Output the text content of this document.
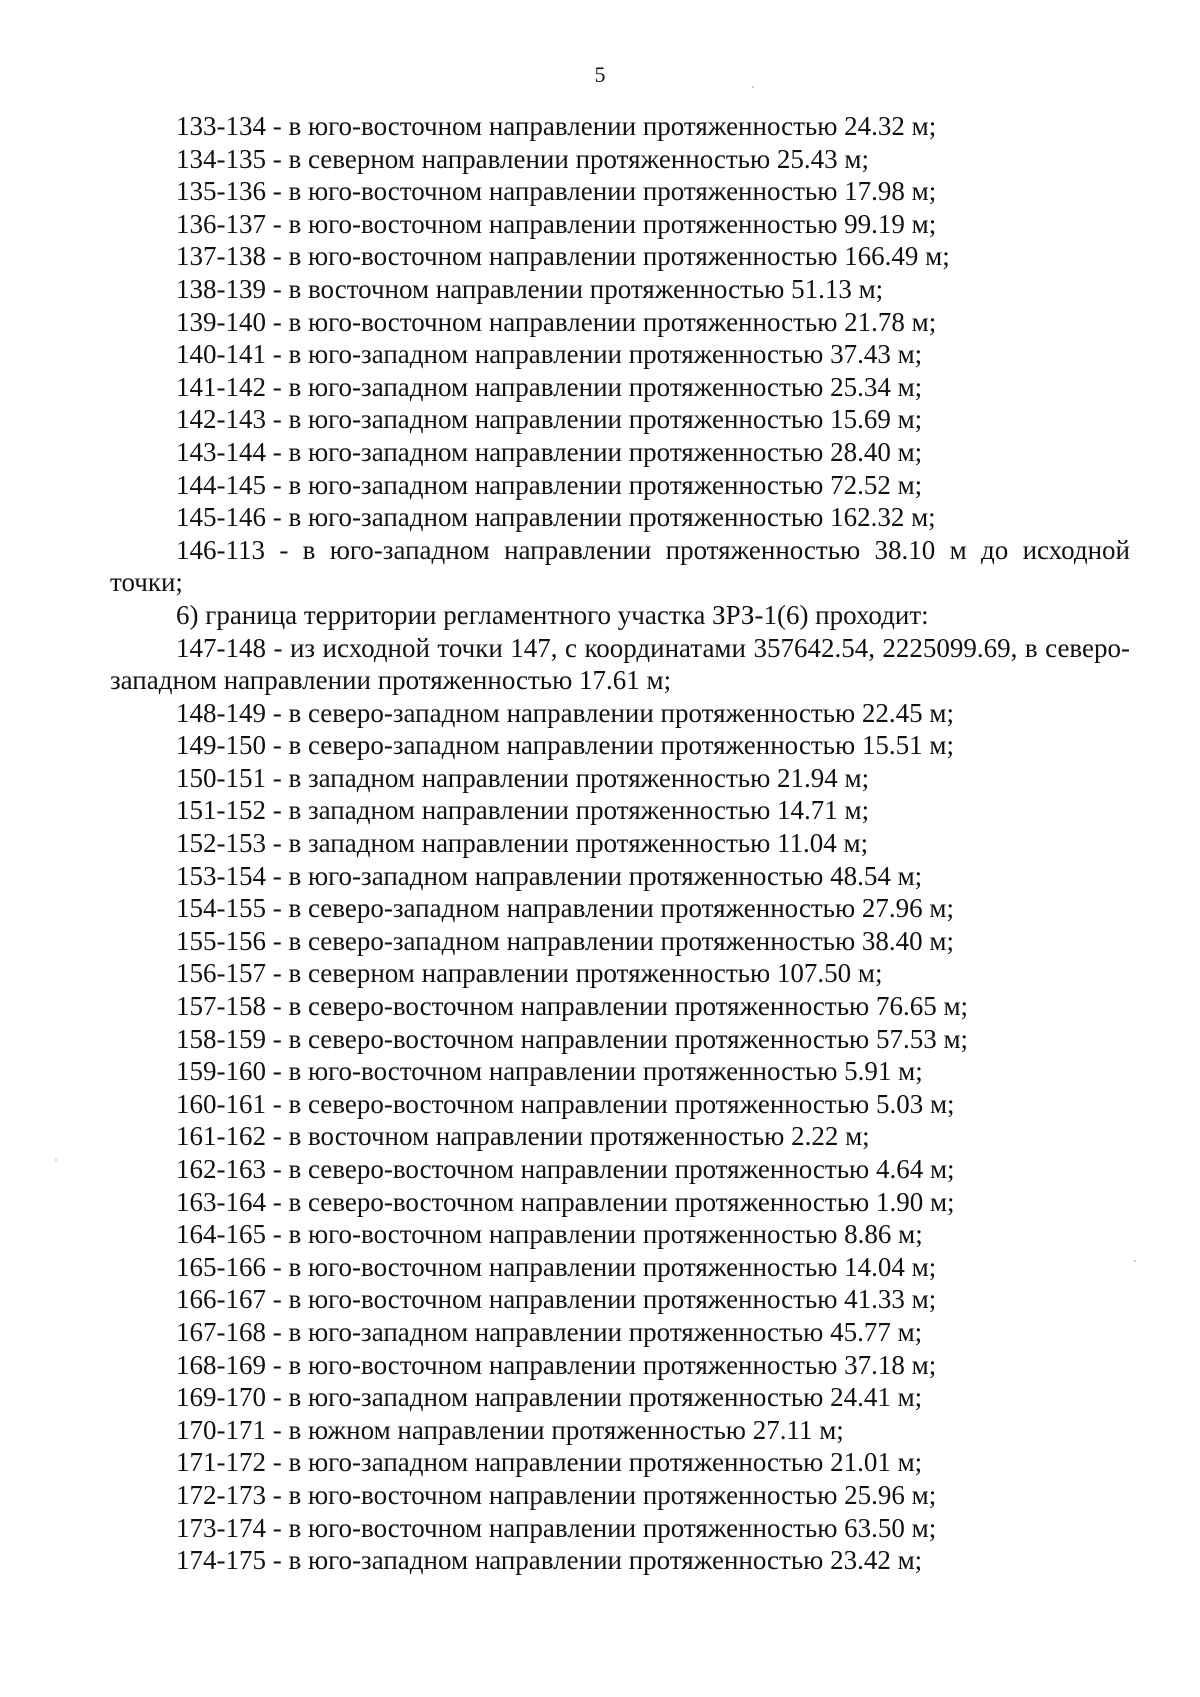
5

133-134 - в юго-восточном направлении протяженностью 24.32 м;

134-135 - в северном направлении протяженностью 25.43 м;

135-136 - в юго-восточном направлении протяженностью 17.98 м;

136-137 - в юго-восточном направлении протяженностью 99.19 м;

137-138 - в юго-восточном направлении протяженностью 166.49 м;

138-139 - в восточном направлении протяженностью 51.13 м;

139-140 - в юго-восточном направлении протяженностью 21.78 м;

140-141 - в юго-западном направлении протяженностью 37.43 м;

141-142 - в юго-западном направлении протяженностью 25.34 м;

142-143 - в юго-западном направлении протяженностью 15.69 м;

143-144 - в юго-западном направлении протяженностью 28.40 м;

144-145 - в юго-западном направлении протяженностью 72.52 м;

145-146 - в юго-западном направлении протяженностью 162.32 м;

146-113 - в юго-западном направлении протяженностью 38.10 м до исходной точки;

6) граница территории регламентного участка ЗРЗ-1(6) проходит:

147-148 - из исходной точки 147, с координатами 357642.54, 2225099.69, в северо-западном направлении протяженностью 17.61 м;

148-149 - в северо-западном направлении протяженностью 22.45 м;

149-150 - в северо-западном направлении протяженностью 15.51 м;

150-151 - в западном направлении протяженностью 21.94 м;

151-152 - в западном направлении протяженностью 14.71 м;

152-153 - в западном направлении протяженностью 11.04 м;

153-154 - в юго-западном направлении протяженностью 48.54 м;

154-155 - в северо-западном направлении протяженностью 27.96 м;

155-156 - в северо-западном направлении протяженностью 38.40 м;

156-157 - в северном направлении протяженностью 107.50 м;

157-158 - в северо-восточном направлении протяженностью 76.65 м;

158-159 - в северо-восточном направлении протяженностью 57.53 м;

159-160 - в юго-восточном направлении протяженностью 5.91 м;

160-161 - в северо-восточном направлении протяженностью 5.03 м;

161-162 - в восточном направлении протяженностью 2.22 м;

162-163 - в северо-восточном направлении протяженностью 4.64 м;

163-164 - в северо-восточном направлении протяженностью 1.90 м;

164-165 - в юго-восточном направлении протяженностью 8.86 м;

165-166 - в юго-восточном направлении протяженностью 14.04 м;

166-167 - в юго-восточном направлении протяженностью 41.33 м;

167-168 - в юго-западном направлении протяженностью 45.77 м;

168-169 - в юго-восточном направлении протяженностью 37.18 м;

169-170 - в юго-западном направлении протяженностью 24.41 м;

170-171 - в южном направлении протяженностью 27.11 м;

171-172 - в юго-западном направлении протяженностью 21.01 м;

172-173 - в юго-восточном направлении протяженностью 25.96 м;

173-174 - в юго-восточном направлении протяженностью 63.50 м;

174-175 - в юго-западном направлении протяженностью 23.42 м;
